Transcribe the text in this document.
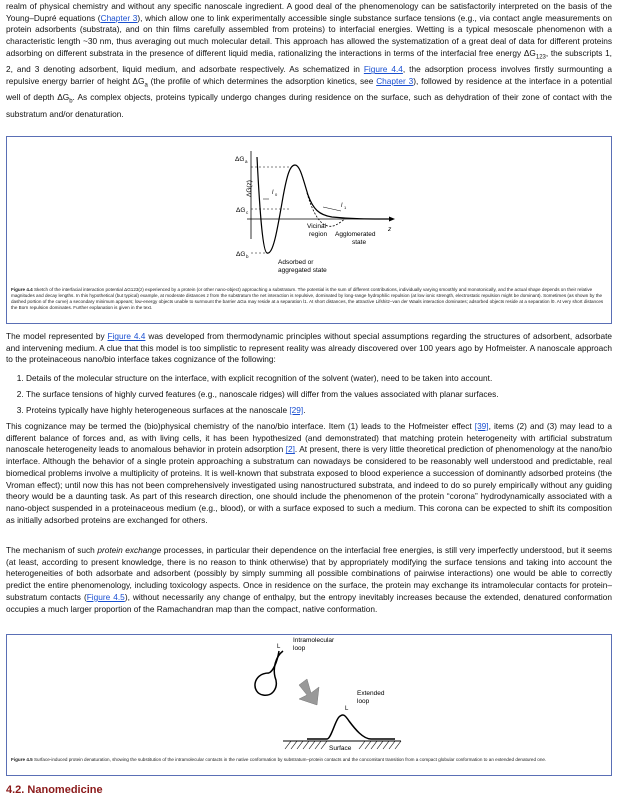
realm of physical chemistry and without any specific nanoscale ingredient. A good deal of the phenomenology can be satisfactorily interpreted on the basis of the Young–Dupré equations (Chapter 3), which allow one to link experimentally accessible single substance surface tensions (e.g., via contact angle measurements on protein adsorbents (substrata), and on thin films carefully assembled from proteins) to interfacial energies. Wetting is a typical mesoscale phenomenon with a characteristic length ~30 nm, thus averaging out much molecular detail. This approach has allowed the systematization of a great deal of data for different proteins adsorbing on different substrata in the presence of different liquid media, rationalizing the interactions in terms of the interfacial free energy $\Delta G_{123}$, the subscripts 1, 2, and 3 denoting adsorbent, liquid medium, and adsorbate respectively. As schematized in Figure 4.4, the adsorption process involves firstly surmounting a repulsive energy barrier of height $\Delta G_a$ (the profile of which determines the adsorption kinetics, see Chapter 3), followed by residence at the interface in a potential well of depth $\Delta G_b$. As complex objects, proteins typically undergo changes during residence on the surface, such as dehydration of their zone of contact with the substratum and/or denaturation.

ΔG a
ΔG(z)
ΔG c
ΔG b
l 0
l 1
z
Vicinal
region Agglomerated
state
Adsorbed or
aggregated state
Figure 4.4 Sketch of the interfacial interaction potential ΔG123(z) experienced by a protein (or other nano-object) approaching a substratum. The potential is the sum of different contributions, individually varying smoothly and monotonically, and the actual shape depends on their relative magnitudes and decay lengths. In this hypothetical (but typical) example, at moderate distances z from the substratum the net interaction is repulsive, dominated by long-range hydrophilic repulsion (at low ionic strength, electrostatic repulsion might be dominant). Sometimes (as shown by the dashed portion of the curve) a secondary minimum appears; low-energy objects unable to surmount the barrier ΔGa may reside at a separation l1. At short distances, the attractive Lifshitz–van der Waals interaction dominates; adsorbed objects reside at a separation l0. At very short distances the Born repulsion dominates. Further explanation is given in the text.

The model represented by Figure 4.4 was developed from thermodynamic principles without special assumptions regarding the structures of adsorbent, adsorbate and intervening medium. A clue that this model is too simplistic to represent reality was already discovered over 100 years ago by Hofmeister. A nanoscale approach to the proteinaceous nano/bio interface takes cognizance of the following:

1. Details of the molecular structure on the interface, with explicit recognition of the solvent (water), need to be taken into account.
2. The surface tensions of highly curved features (e.g., nanoscale ridges) will differ from the values associated with planar surfaces.
3. Proteins typically have highly heterogeneous surfaces at the nanoscale [29].

This cognizance may be termed the (bio)physical chemistry of the nano/bio interface. Item (1) leads to the Hofmeister effect [39], items (2) and (3) may lead to a different balance of forces and, as with living cells, it has been hypothesized (and demonstrated) that matching protein heterogeneity with artificial substratum nanoscale heterogeneity leads to anomalous behavior in protein adsorption [2]. At present, there is very little theoretical prediction of phenomenology at the nano/bio interface. Although the behavior of a single protein approaching a substratum can nowadays be considered to be reasonably well understood and predictable, real biomedical problems involve a multiplicity of proteins. It is well-known that substrata exposed to blood experience a succession of dominantly adsorbed proteins (the Vroman effect); until now this has not been comprehensively investigated using nanostructured substrata, and indeed to do so purely empirically without any guiding theory would be a daunting task. As part of this research direction, one should include the phenomenon of the protein “corona” hydrodynamically associated with a nano-object suspended in a proteinaceous medium (e.g., blood), or with a surface exposed to such a medium. This corona can be expected to shift its composition as initially adsorbed proteins are exchanged for others.

The mechanism of such protein exchange processes, in particular their dependence on the interfacial free energies, is still very imperfectly understood, but it seems (at least, according to present knowledge, there is no reason to think otherwise) that by appropriately modifying the surface tensions and taking into account the heterogeneities of both adsorbate and adsorbent (possibly by simply summing all possible combinations of pairwise interactions) one would be able to correctly predict the entire phenomenology, including toxicology aspects. Once in residence on the surface, the protein may exchange its intramolecular contacts for protein–substratum contacts (Figure 4.5), without necessarily any change of enthalpy, but the entropy inevitably increases because the extended, denatured conformation occupies a much larger proportion of the Ramachandran map than the compact, native conformation.

L
Intramolecular
loop
L
Extended
loop
Surface
Figure 4.5 Surface-induced protein denaturation, showing the substitution of the intramolecular contacts in the native conformation by substratum–protein contacts and the concomitant transition from a compact globular conformation to an extended denatured one.
4.2. Nanomedicine
